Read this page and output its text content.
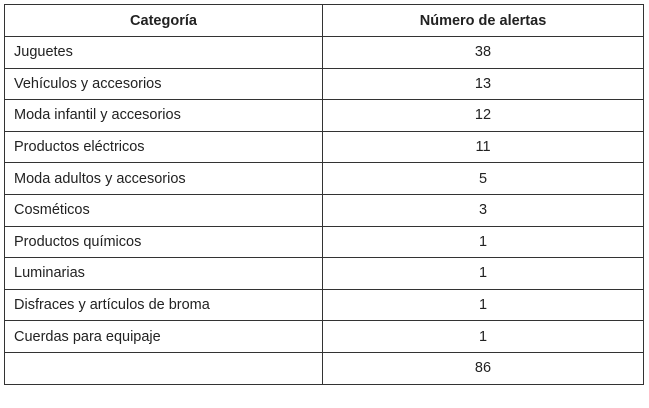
Categoría	Número de alertas
Juguetes	38
Vehículos y accesorios	13
Moda infantil y accesorios	12
Productos eléctricos	11
Moda adultos y accesorios	5
Cosméticos	3
Productos químicos	1
Luminarias	1
Disfraces y artículos de broma	1
Cuerdas para equipaje	1
	86
